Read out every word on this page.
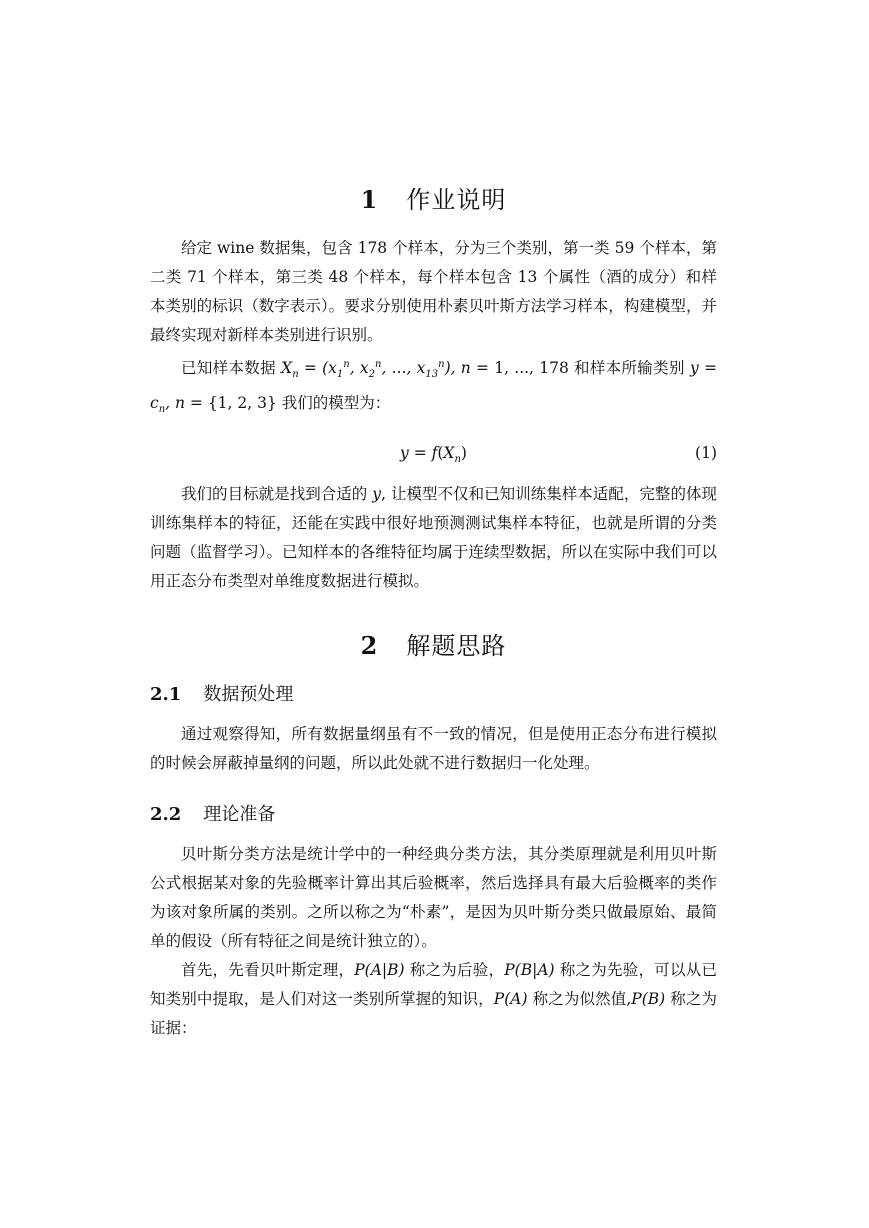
1 作业说明

给定 wine 数据集，包含 178 个样本，分为三个类别，第一类 59 个样本，第二类 71 个样本，第三类 48 个样本，每个样本包含 13 个属性（酒的成分）和样本类别的标识（数字表示）。要求分别使用朴素贝叶斯方法学习样本，构建模型，并最终实现对新样本类别进行识别。

已知样本数据 $X_n = (x_1^n$, $x_2^n$, ..., $x_{13}^n$), n = 1, ..., 178 和样本所输类别 $y = c_n$, n = {1, 2, 3} 我们的模型为：

$y = f(X_n)$	(1)

我们的目标就是找到合适的 y, 让模型不仅和已知训练集样本适配，完整的体现训练集样本的特征，还能在实践中很好地预测测试集样本特征，也就是所谓的分类问题（监督学习）。已知样本的各维特征均属于连续型数据，所以在实际中我们可以用正态分布类型对单维度数据进行模拟。

2 解题思路
2.1 数据预处理

通过观察得知，所有数据量纲虽有不一致的情况，但是使用正态分布进行模拟的时候会屏蔽掉量纲的问题，所以此处就不进行数据归一化处理。

2.2 理论准备

贝叶斯分类方法是统计学中的一种经典分类方法，其分类原理就是利用贝叶斯公式根据某对象的先验概率计算出其后验概率，然后选择具有最大后验概率的类作为该对象所属的类别。之所以称之为“朴素”，是因为贝叶斯分类只做最原始、最简单的假设（所有特征之间是统计独立的）。

首先，先看贝叶斯定理，P(A|B) 称之为后验，P(B|A) 称之为先验，可以从已知类别中提取，是人们对这一类别所掌握的知识，P(A) 称之为似然值,P(B) 称之为证据：
